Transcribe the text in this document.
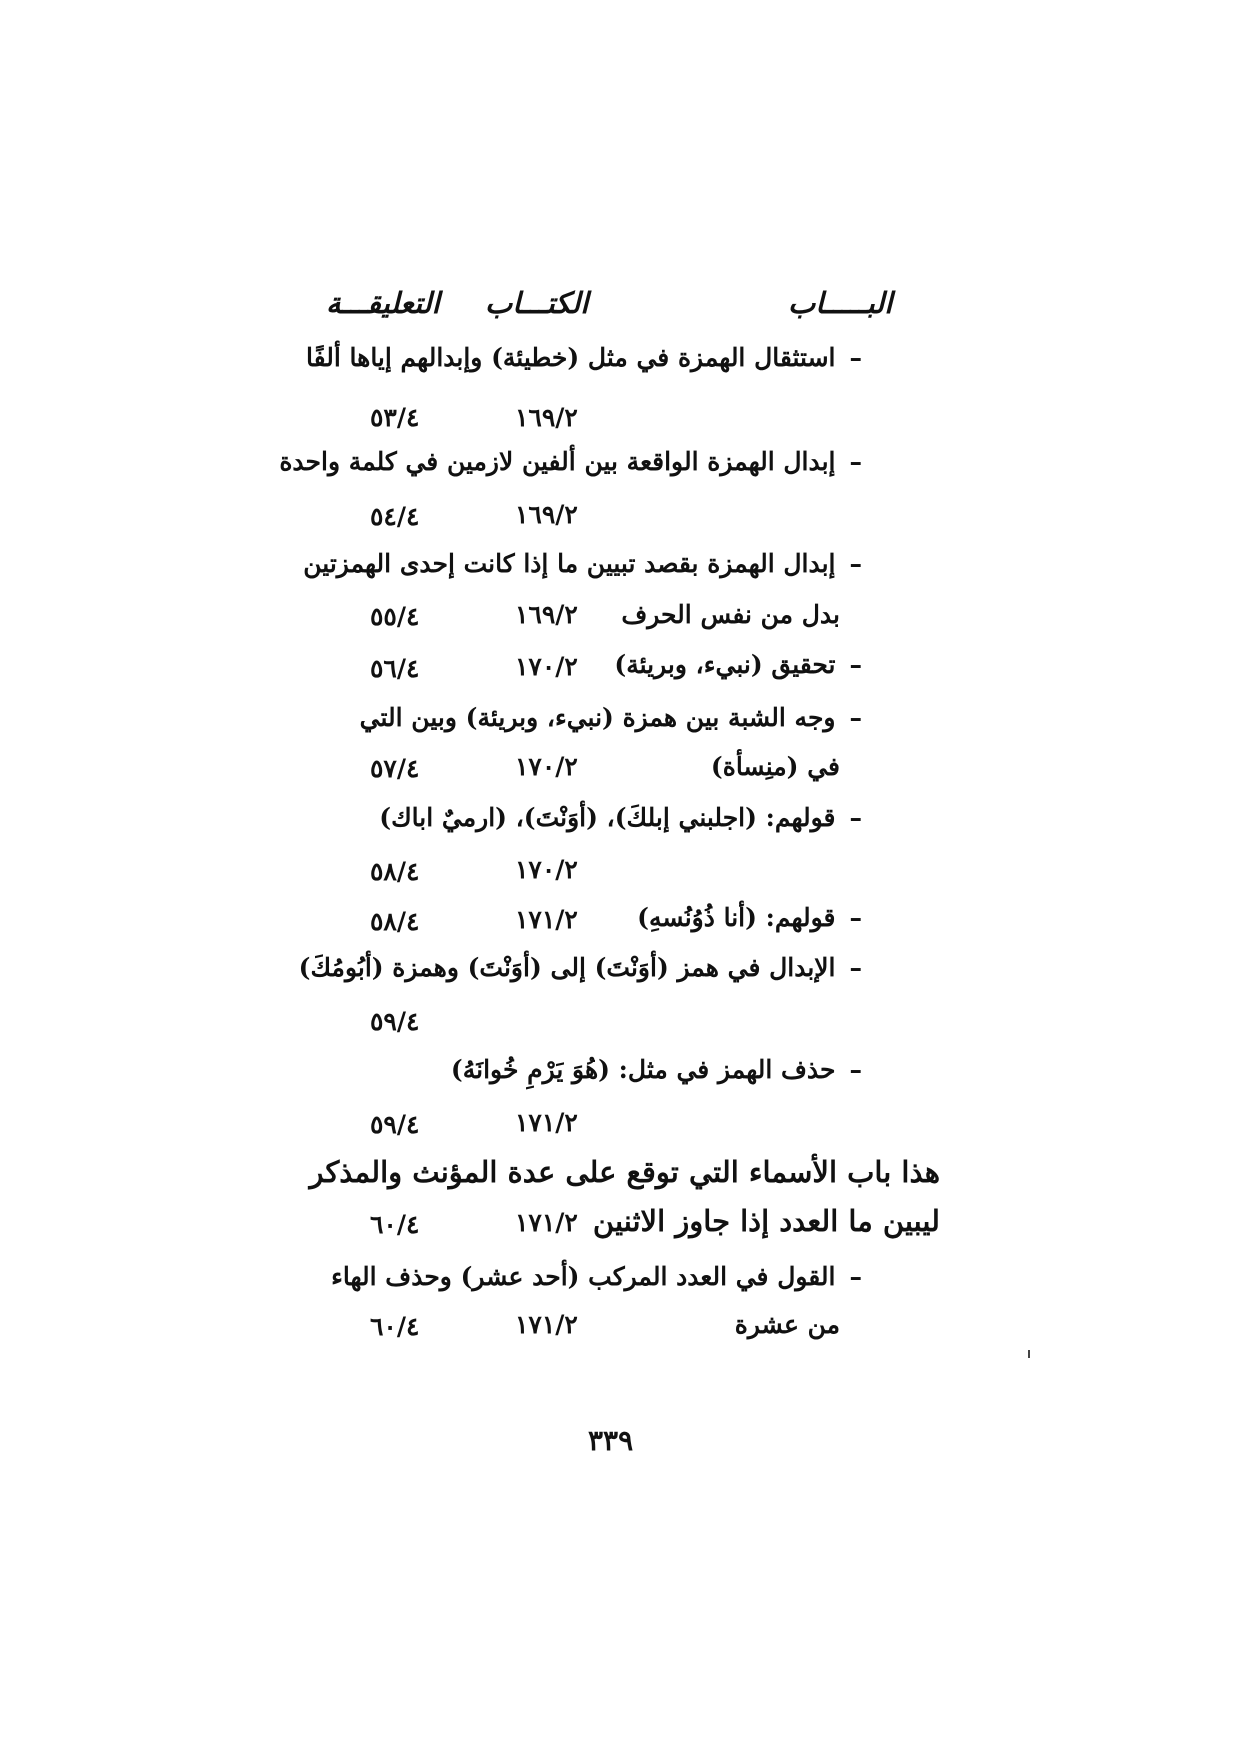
البـــــاب
الكتـــاب
التعليقـــة
–استثقال الهمزة في مثل (خطيئة) وإبدالهم إياها ألفًا
١٦٩/٢
٥٣/٤
–إبدال الهمزة الواقعة بين ألفين لازمين في كلمة واحدة
١٦٩/٢
٥٤/٤
–إبدال الهمزة بقصد تبيين ما إذا كانت إحدى الهمزتين
بدل من نفس الحرف
١٦٩/٢
٥٥/٤
–تحقيق (نبيء، وبريئة)
١٧٠/٢
٥٦/٤
–وجه الشبة بين همزة (نبيء، وبريئة) وبين التي
في (منِسأة)
١٧٠/٢
٥٧/٤
–قولهم: (اجلبني إبلكَ)، (أوَنْتَ)، (ارميٌ اباك)
١٧٠/٢
٥٨/٤
–قولهم: (أنا ذُوُنُسهِ)
١٧١/٢
٥٨/٤
–الإبدال في همز (أوَنْتَ) إلى (أوَنْتَ) وهمزة (أبُومُكَ)
٥٩/٤
–حذف الهمز في مثل: (هُوَ يَرْمِ خُوانَهُ)
١٧١/٢
٥٩/٤
هذا باب الأسماء التي توقع على عدة المؤنث والمذكر
ليبين ما العدد إذا جاوز الاثنين
١٧١/٢
٦٠/٤
–القول في العدد المركب (أحد عشر) وحذف الهاء
من عشرة
١٧١/٢
٦٠/٤
٣٣٩
